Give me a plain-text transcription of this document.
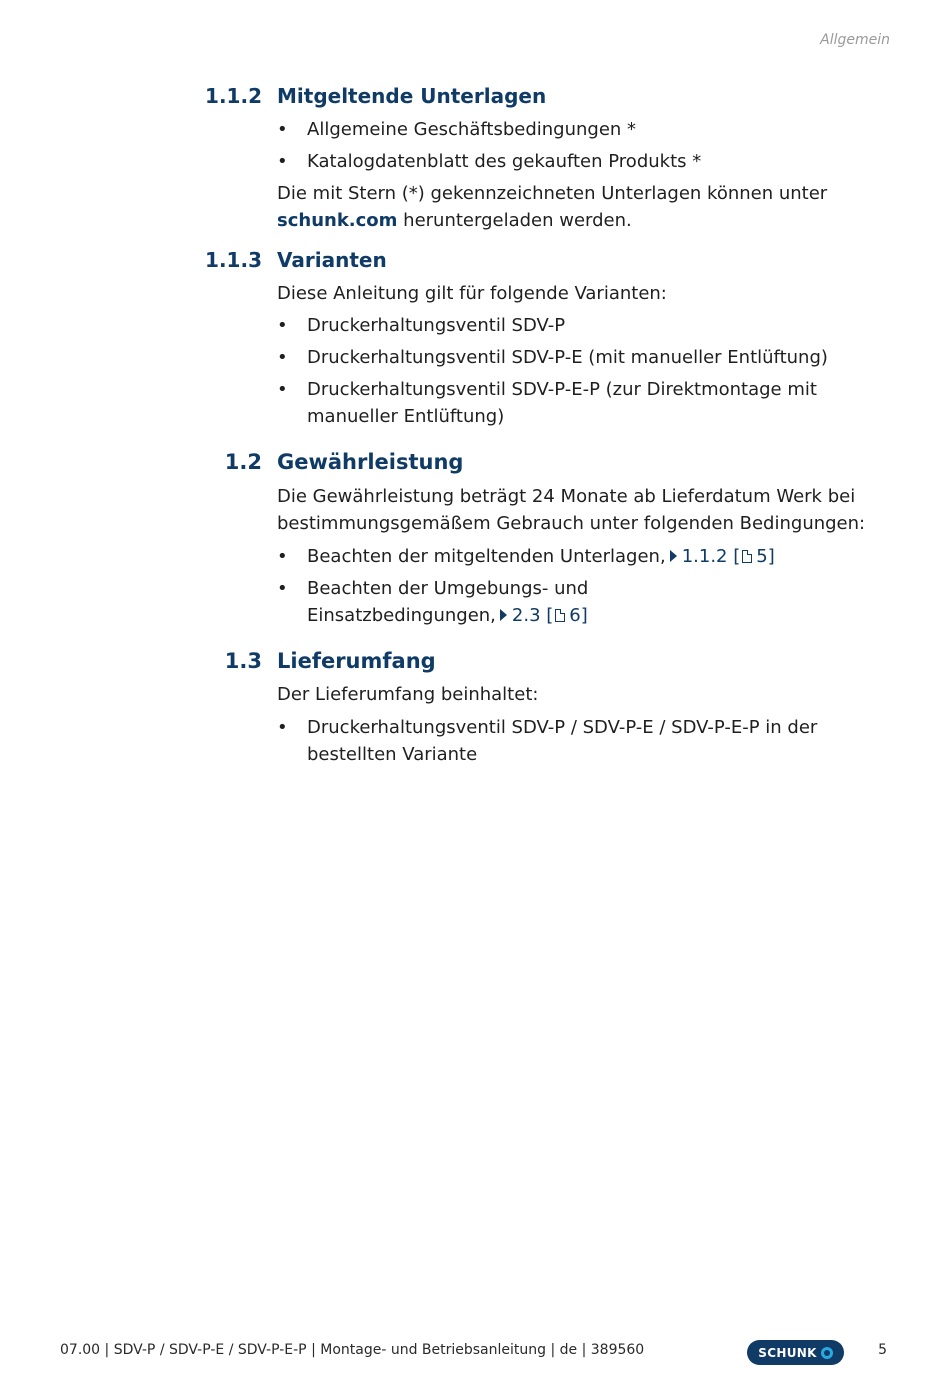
Allgemein
1.1.2 Mitgeltende Unterlagen
• Allgemeine Geschäftsbedingungen *
• Katalogdatenblatt des gekauften Produkts *
Die mit Stern (*) gekennzeichneten Unterlagen können unter
schunk.com heruntergeladen werden.
1.1.3 Varianten
Diese Anleitung gilt für folgende Varianten:
• Druckerhaltungsventil SDV-P
• Druckerhaltungsventil SDV-P-E (mit manueller Entlüftung)
• Druckerhaltungsventil SDV-P-E-P (zur Direktmontage mit manueller Entlüftung)
1.2 Gewährleistung
Die Gewährleistung beträgt 24 Monate ab Lieferdatum Werk bei bestimmungsgemäßem Gebrauch unter folgenden Bedingungen:
• Beachten der mitgeltenden Unterlagen, 1.1.2 [ 5]
• Beachten der Umgebungs- und Einsatzbedingungen, 2.3 [ 6]
1.3 Lieferumfang
Der Lieferumfang beinhaltet:
• Druckerhaltungsventil SDV-P / SDV-P-E / SDV-P-E-P in der bestellten Variante
07.00 | SDV-P / SDV-P-E / SDV-P-E-P | Montage- und Betriebsanleitung | de | 389560	SCHUNK	5
